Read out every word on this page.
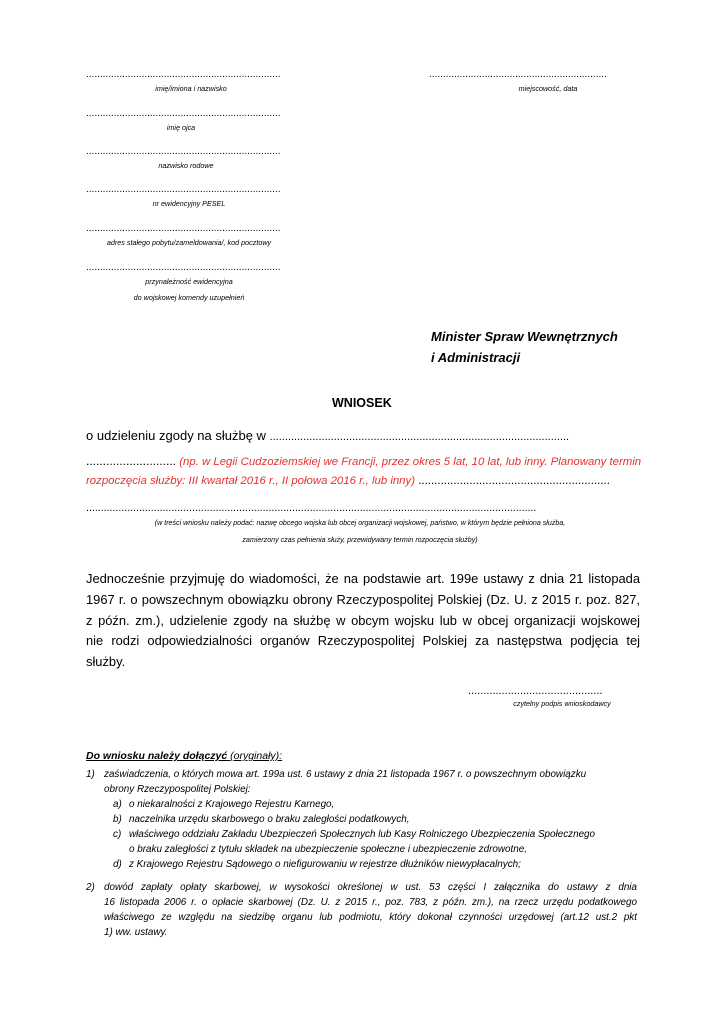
......................................................................
imię/imiona i nazwisko
......................................................................
imię ojca
......................................................................
nazwisko rodowe
......................................................................
nr ewidencyjny PESEL
......................................................................
adres stałego pobytu/zameldowania/, kod pocztowy
......................................................................
przynależność ewidencyjna
do wojskowej komendy uzupełnień
................................................................
miejscowość, data
Minister Spraw Wewnętrznych
i Administracji
WNIOSEK
o udzieleniu zgody na służbę w ..................................................................................................
........................... (np. w Legii Cudzoziemskiej we Francji, przez okres 5 lat, 10 lat, lub inny. Planowany termin
rozpoczęcia służby: III kwartał 2016 r., II połowa 2016 r., lub inny) ............................................................
.........................................................................................................................................................
(w treści wniosku należy podać: nazwę obcego wojska lub obcej organizacji wojskowej, państwo, w którym będzie pełniona służba,
zamierzony czas pełnienia służy, przewidywany termin rozpoczęcia służby)
Jednocześnie przyjmuję do wiadomości, że na podstawie art. 199e ustawy z dnia 21 listopada
1967 r. o powszechnym obowiązku obrony Rzeczypospolitej Polskiej (Dz. U. z 2015 r. poz. 827,
z późn. zm.), udzielenie zgody na służbę w obcym wojsku lub w obcej organizacji wojskowej
nie rodzi odpowiedzialności organów Rzeczypospolitej Polskiej za następstwa podjęcia tej
służby.
............................................
czytelny podpis wnioskodawcy
Do wniosku należy dołączyć (oryginały):
1) zaświadczenia, o których mowa art. 199a ust. 6 ustawy z dnia 21 listopada 1967 r. o powszechnym obowiązku
obrony Rzeczypospolitej Polskiej:
a) o niekaralności z Krajowego Rejestru Karnego,
b) naczelnika urzędu skarbowego o braku zaległości podatkowych,
c) właściwego oddziału Zakładu Ubezpieczeń Społecznych lub Kasy Rolniczego Ubezpieczenia Społecznego
o braku zaległości z tytułu składek na ubezpieczenie społeczne i ubezpieczenie zdrowotne,
d) z Krajowego Rejestru Sądowego o niefigurowaniu w rejestrze dłużników niewypłacalnych;
2) dowód zapłaty opłaty skarbowej, w wysokości określonej w ust. 53 części I załącznika do ustawy z dnia
16 listopada 2006 r. o opłacie skarbowej (Dz. U. z 2015 r., poz. 783, z późn. zm.), na rzecz urzędu podatkowego
właściwego ze względu na siedzibę organu lub podmiotu, który dokonał czynności urzędowej (art.12 ust.2 pkt
1) ww. ustawy.
